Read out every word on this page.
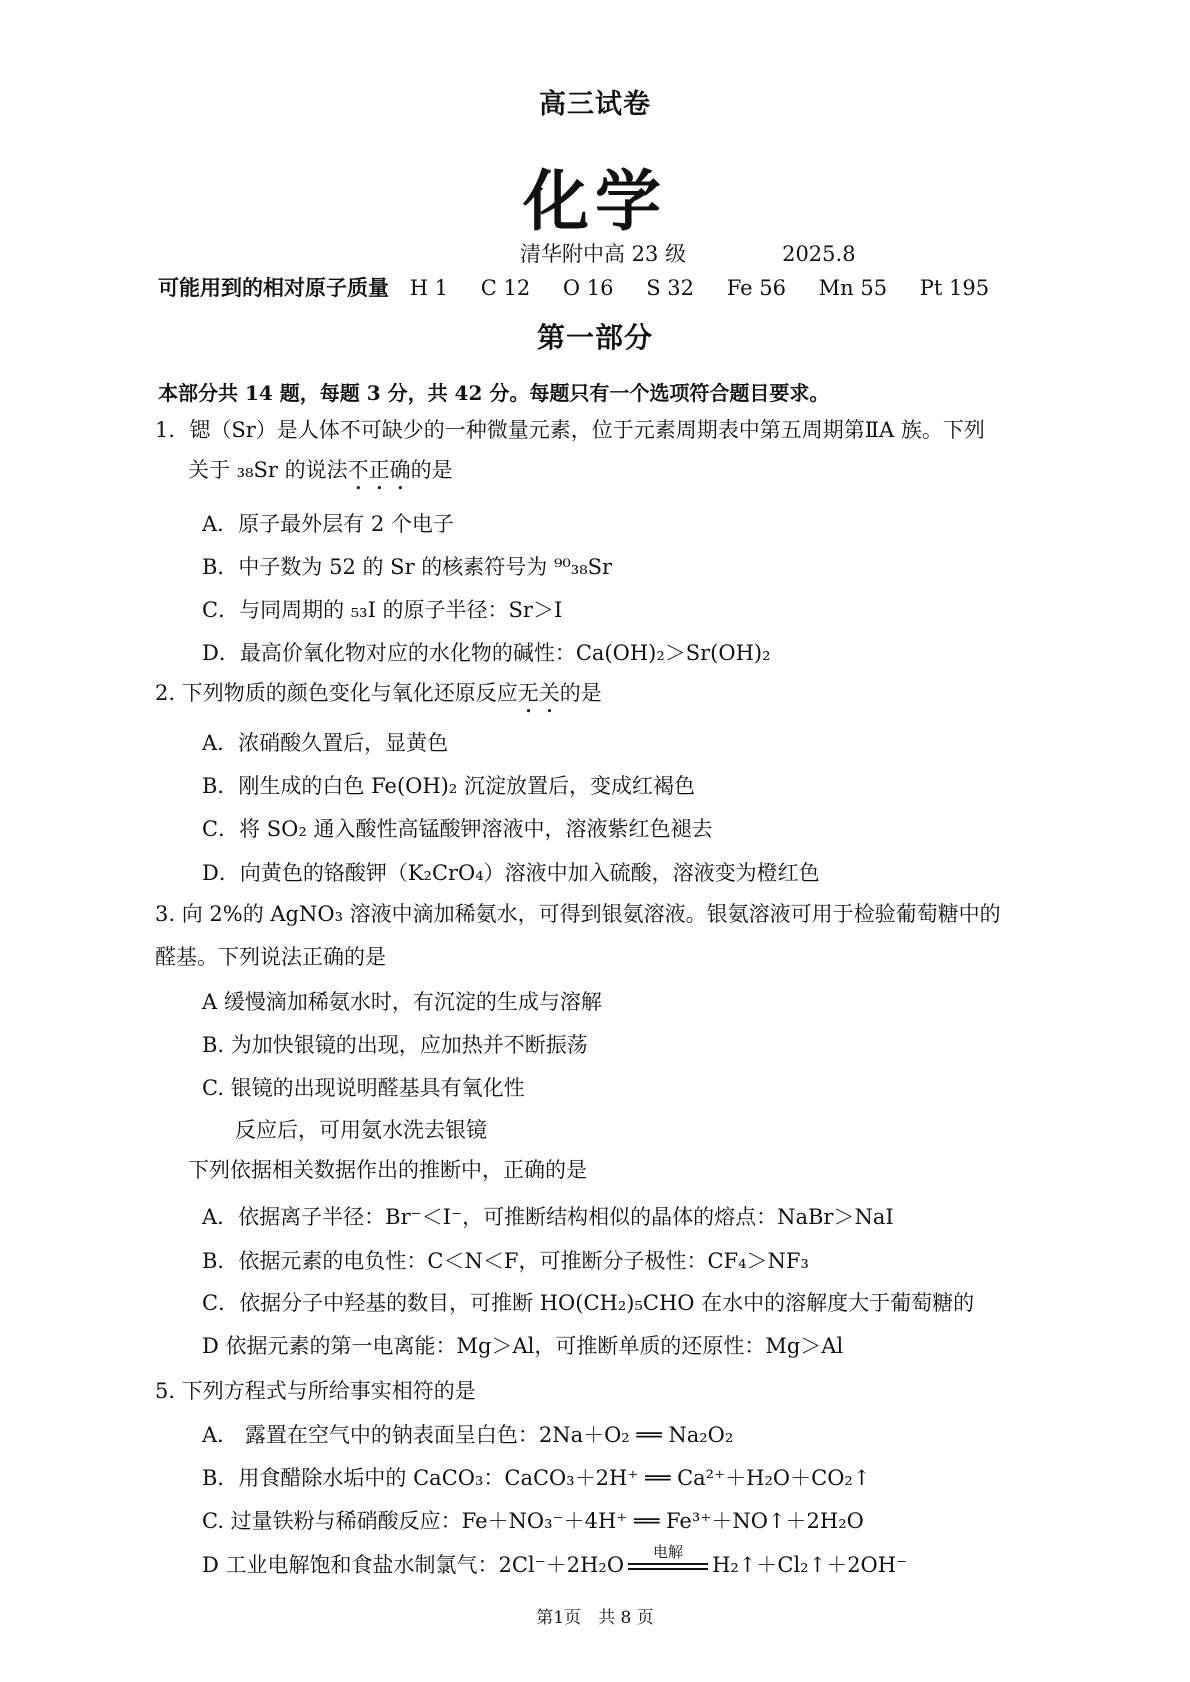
高三试卷
化学
清华附中高 23 级	2025.8
可能用到的相对原子质量 H 1 C 12 O 16 S 32 Fe 56 Mn 55 Pt 195
第一部分
本部分共 14 题，每题 3 分，共 42 分。每题只有一个选项符合题目要求。
1．锶（Sr）是人体不可缺少的一种微量元素，位于元素周期表中第五周期第ⅡA 族。下列
关于 ₃₈Sr 的说法不正确的是
A．原子最外层有 2 个电子
B．中子数为 52 的 Sr 的核素符号为 ⁹⁰₃₈Sr
C．与同周期的 ₅₃I 的原子半径：Sr＞I
D．最高价氧化物对应的水化物的碱性：Ca(OH)₂＞Sr(OH)₂
2. 下列物质的颜色变化与氧化还原反应无关的是
A．浓硝酸久置后，显黄色
B．刚生成的白色 Fe(OH)₂ 沉淀放置后，变成红褐色
C．将 SO₂ 通入酸性高锰酸钾溶液中，溶液紫红色褪去
D．向黄色的铬酸钾（K₂CrO₄）溶液中加入硫酸，溶液变为橙红色
3. 向 2%的 AgNO₃ 溶液中滴加稀氨水，可得到银氨溶液。银氨溶液可用于检验葡萄糖中的
醛基。下列说法正确的是
A 缓慢滴加稀氨水时，有沉淀的生成与溶解
B. 为加快银镜的出现，应加热并不断振荡
C. 银镜的出现说明醛基具有氧化性
反应后，可用氨水洗去银镜
下列依据相关数据作出的推断中，正确的是
A．依据离子半径：Br⁻＜I⁻，可推断结构相似的晶体的熔点：NaBr＞NaI
B．依据元素的电负性：C＜N＜F，可推断分子极性：CF₄＞NF₃
C．依据分子中羟基的数目，可推断 HO(CH₂)₅CHO 在水中的溶解度大于葡萄糖的
D 依据元素的第一电离能：Mg＞Al，可推断单质的还原性：Mg＞Al
5. 下列方程式与所给事实相符的是
A． 露置在空气中的钠表面呈白色：2Na＋O₂ ══ Na₂O₂
B．用食醋除水垢中的 CaCO₃：CaCO₃＋2H⁺ ══ Ca²⁺＋H₂O＋CO₂↑
C. 过量铁粉与稀硝酸反应：Fe＋NO₃⁻＋4H⁺ ══ Fe³⁺＋NO↑＋2H₂O
D 工业电解饱和食盐水制氯气：2Cl⁻＋2H₂O
电解
H₂↑＋Cl₂↑＋2OH⁻
第1页　共 8 页
